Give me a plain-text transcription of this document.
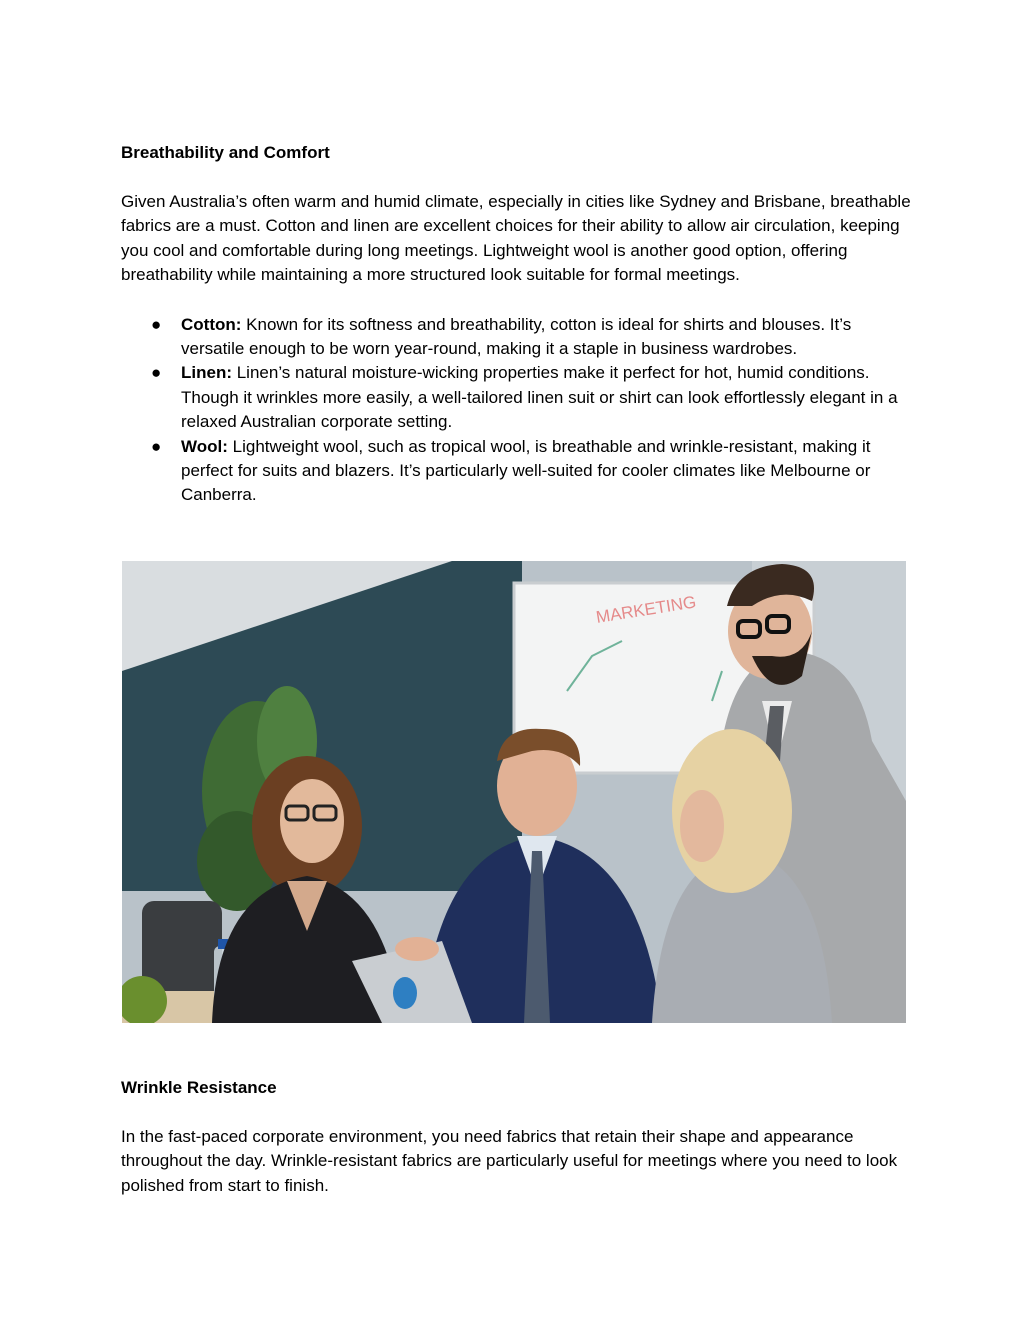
Breathability and Comfort

Given Australia’s often warm and humid climate, especially in cities like Sydney and Brisbane, breathable fabrics are a must. Cotton and linen are excellent choices for their ability to allow air circulation, keeping you cool and comfortable during long meetings. Lightweight wool is another good option, offering breathability while maintaining a more structured look suitable for formal meetings.

● Cotton: Known for its softness and breathability, cotton is ideal for shirts and blouses. It’s versatile enough to be worn year-round, making it a staple in business wardrobes.
● Linen: Linen’s natural moisture-wicking properties make it perfect for hot, humid conditions. Though it wrinkles more easily, a well-tailored linen suit or shirt can look effortlessly elegant in a relaxed Australian corporate setting.
● Wool: Lightweight wool, such as tropical wool, is breathable and wrinkle-resistant, making it perfect for suits and blazers. It’s particularly well-suited for cooler climates like Melbourne or Canberra.
MARKETING
Wrinkle Resistance

In the fast-paced corporate environment, you need fabrics that retain their shape and appearance throughout the day. Wrinkle-resistant fabrics are particularly useful for meetings where you need to look polished from start to finish.
